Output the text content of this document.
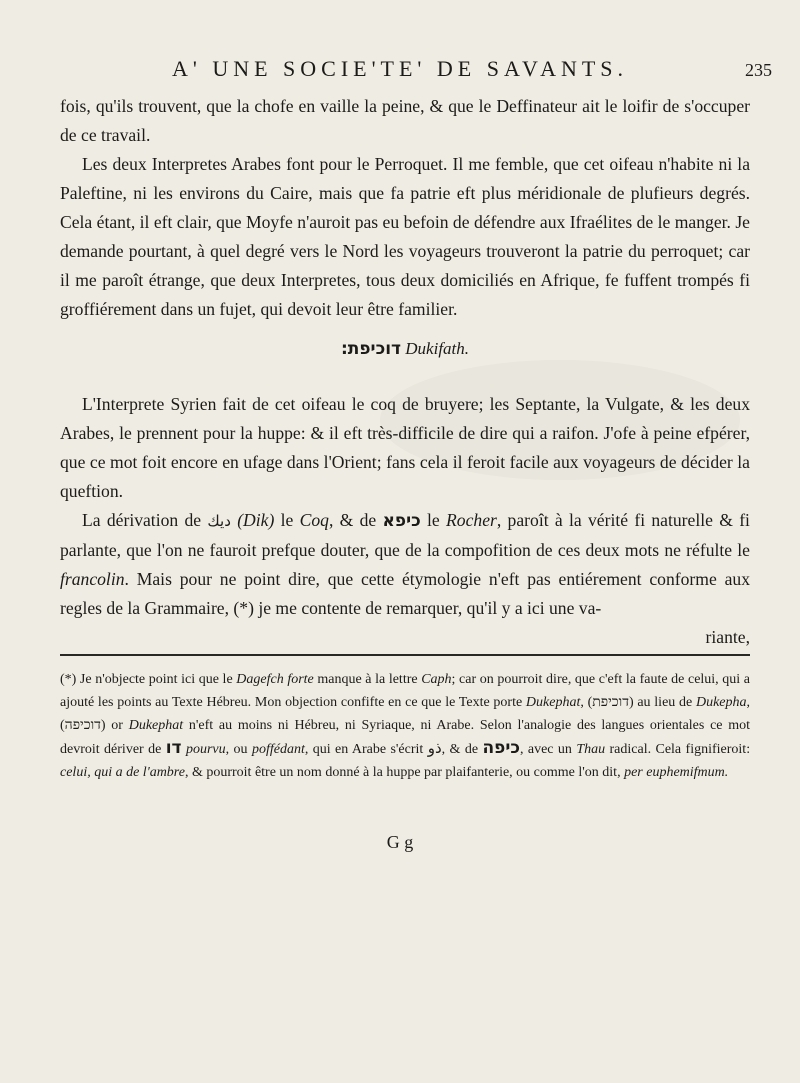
A' UNE SOCIE'TE' DE SAVANTS.	235

fois, qu'ils trouvent, que la chofe en vaille la peine, & que le Deffinateur ait le loifir de s'occuper de ce travail.

Les deux Interpretes Arabes font pour le Perroquet. Il me femble, que cet oifeau n'habite ni la Paleftine, ni les environs du Caire, mais que fa patrie eft plus méridionale de plufieurs degrés. Cela étant, il eft clair, que Moyfe n'auroit pas eu befoin de défendre aux Ifraélites de le manger. Je demande pourtant, à quel degré vers le Nord les voyageurs trouveront la patrie du perroquet; car il me paroît étrange, que deux Interpretes, tous deux domiciliés en Afrique, fe fuffent trompés fi groffiérement dans un fujet, qui devoit leur être familier.

דוכיפת: Dukifath.

L'Interprete Syrien fait de cet oifeau le coq de bruyere; les Septante, la Vulgate, & les deux Arabes, le prennent pour la huppe: & il eft très-difficile de dire qui a raifon. J'ofe à peine efpérer, que ce mot foit encore en ufage dans l'Orient; fans cela il feroit facile aux voyageurs de décider la queftion.

La dérivation de ديك (Dik) le Coq, & de כיפא le Rocher, paroît à la vérité fi naturelle & fi parlante, que l'on ne fauroit prefque douter, que de la compofition de ces deux mots ne réfulte le francolin. Mais pour ne point dire, que cette étymologie n'eft pas entiérement conforme aux regles de la Grammaire, (*) je me contente de remarquer, qu'il y a ici une va-

riante,

(*) Je n'objecte point ici que le Dagefch forte manque à la lettre Caph; car on pourroit dire, que c'eft la faute de celui, qui a ajouté les points au Texte Hébreu. Mon objection confifte en ce que le Texte porte Dukephat, (דוכיפת) au lieu de Dukepha, (דוכיפה) or Dukephat n'eft au moins ni Hébreu, ni Syriaque, ni Arabe. Selon l'analogie des langues orientales ce mot devroit dériver de דו pourvu, ou poffédant, qui en Arabe s'écrit ذو, & de כיפה, avec un Thau radical. Cela fignifieroit: celui, qui a de l'ambre, & pourroit être un nom donné à la huppe par plaifanterie, ou comme l'on dit, per euphemifmum.

G g
